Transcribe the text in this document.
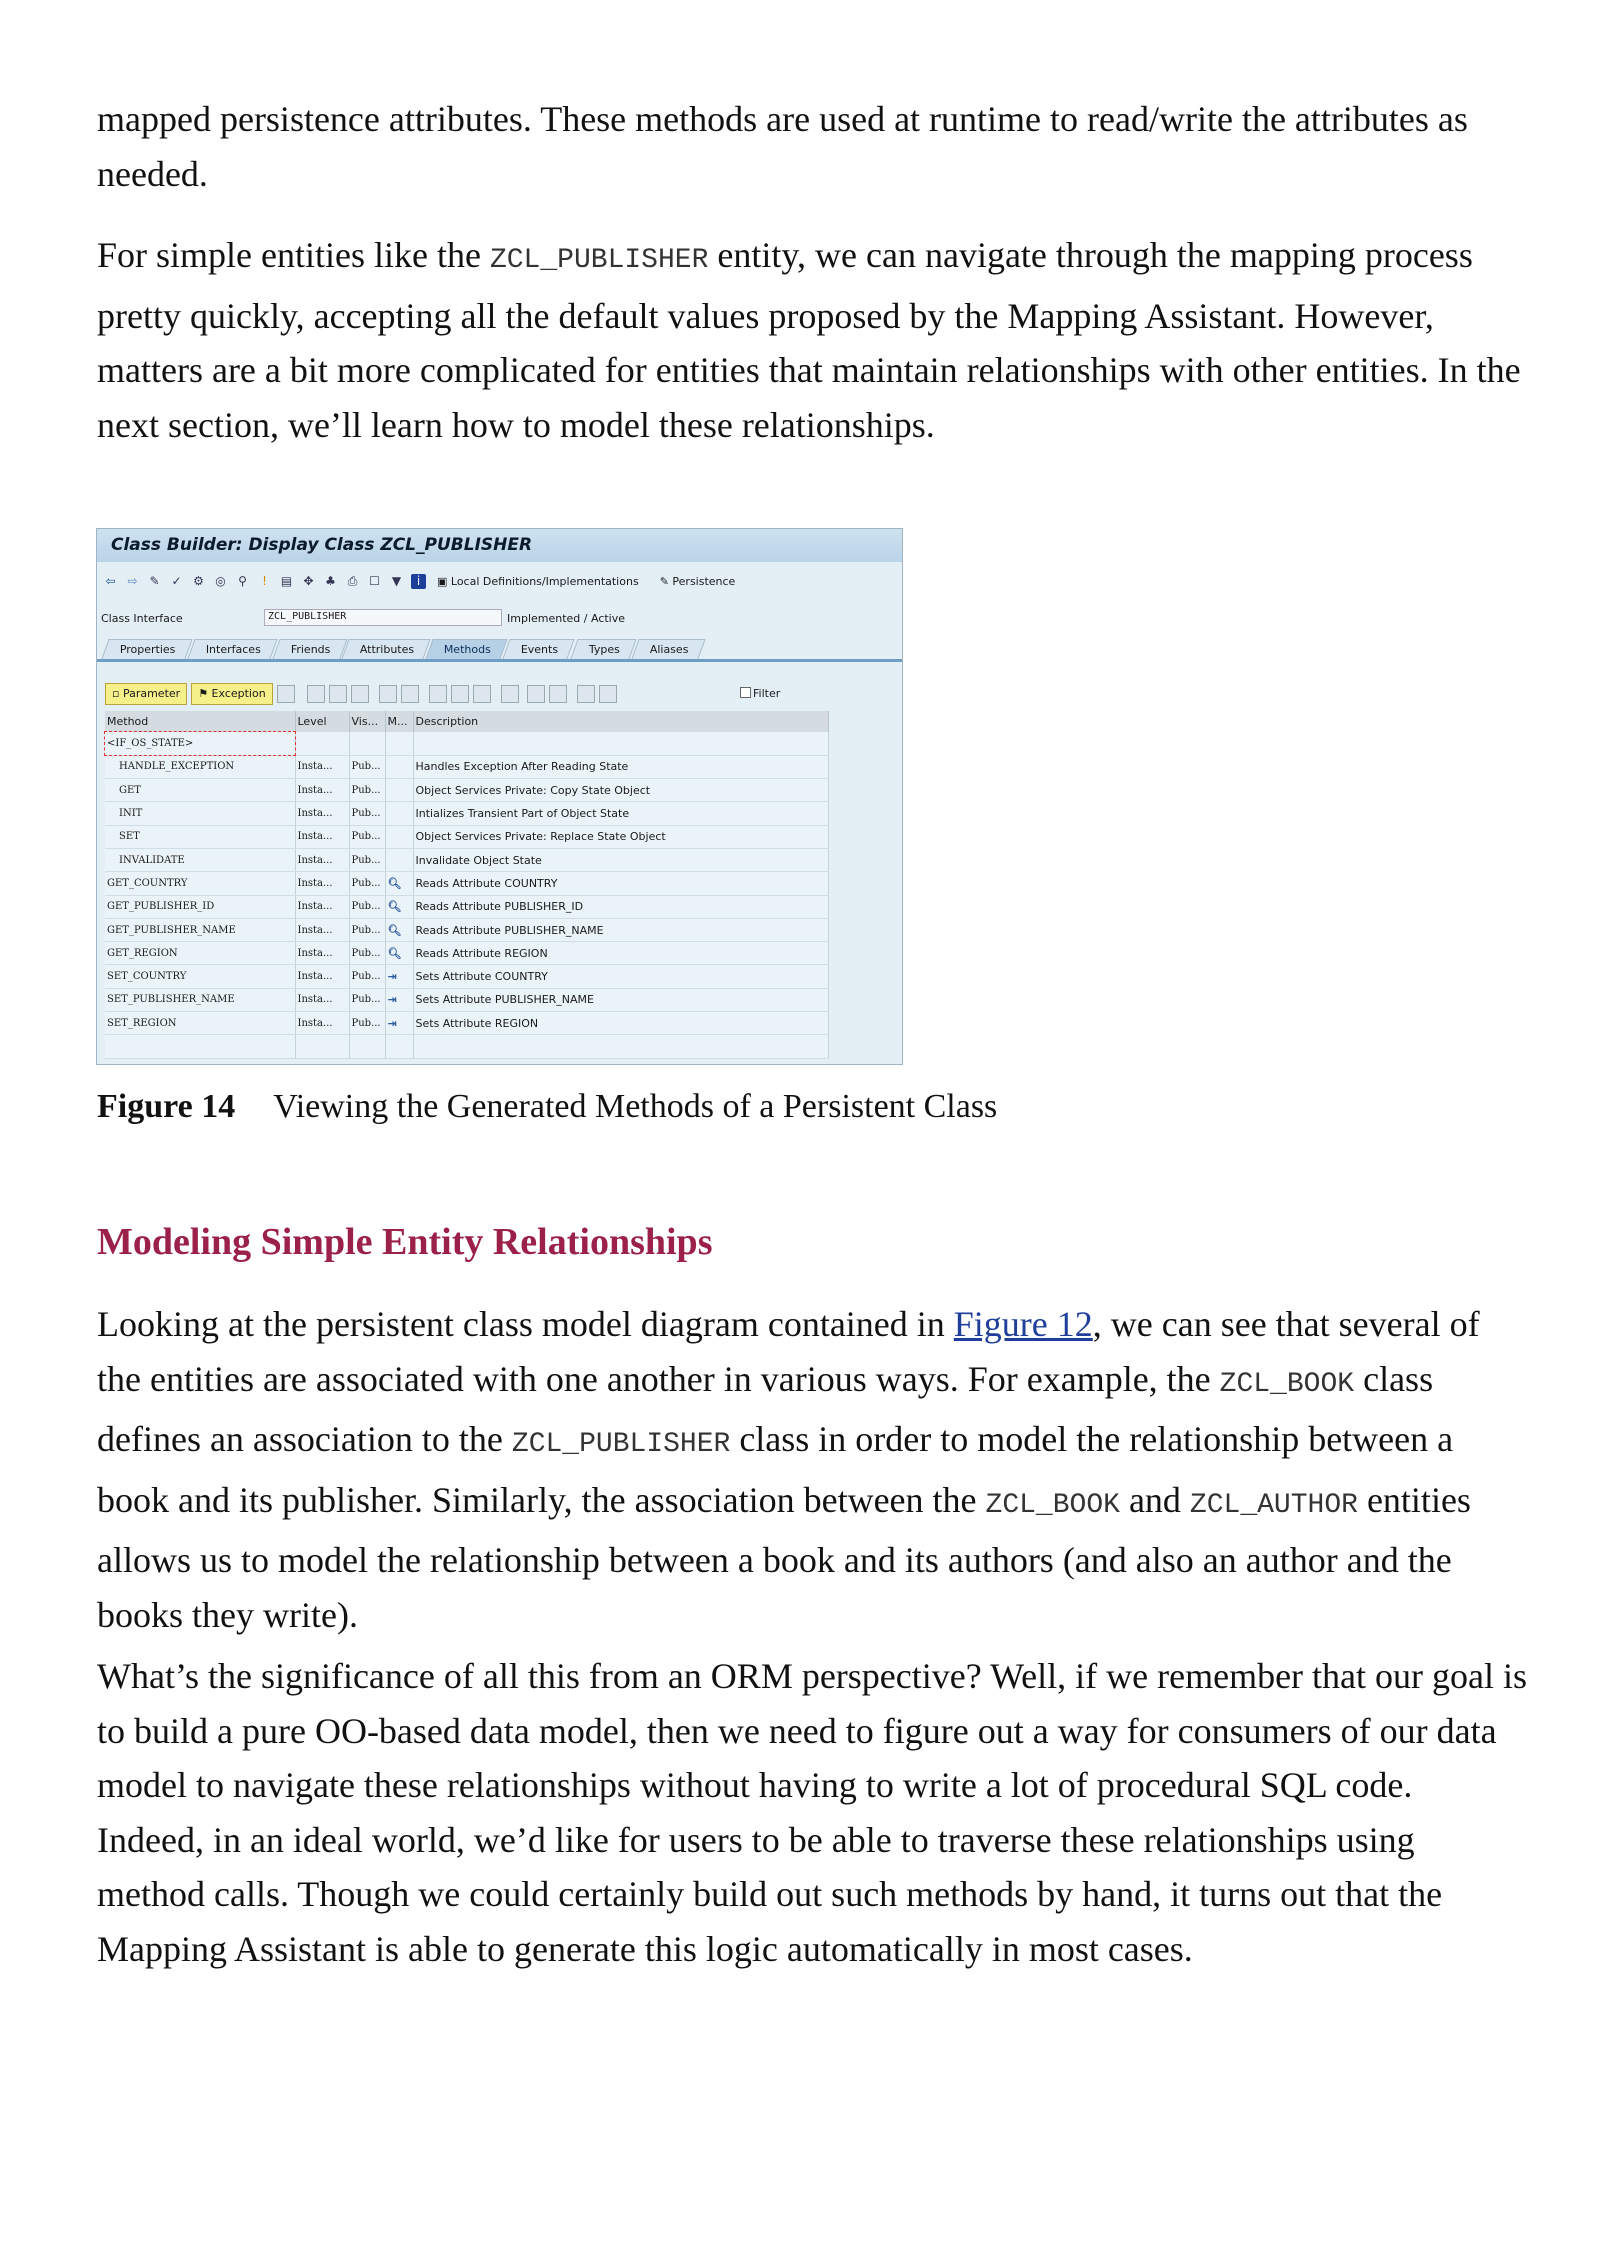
mapped persistence attributes. These methods are used at runtime to read/write the attributes as needed.
For simple entities like the ZCL_PUBLISHER entity, we can navigate through the mapping process pretty quickly, accepting all the default values proposed by the Mapping Assistant. However, matters are a bit more complicated for entities that maintain relationships with other entities. In the next section, we’ll learn how to model these relationships.
Class Builder: Display Class ZCL_PUBLISHER
⇦ ⇨ ✎ ✓ ⚙ ◎ ⚲	!	▤ ✥ ♣ ⎙ ☐ ▼	i	▣ Local Definitions/Implementations ✎ Persistence
Class Interface	ZCL_PUBLISHER	Implemented / Active
Properties	Interfaces	Friends	Attributes	Methods	Events	Types	Aliases
▫ Parameter	⚑ Exception	Filter
Method	Level	Vis...	M...	Description
<IF_OS_STATE>				
HANDLE_EXCEPTION	Insta...	Pub...		Handles Exception After Reading State
GET	Insta...	Pub...		Object Services Private: Copy State Object
INIT	Insta...	Pub...		Intializes Transient Part of Object State
SET	Insta...	Pub...		Object Services Private: Replace State Object
INVALIDATE	Insta...	Pub...		Invalidate Object State
GET_COUNTRY	Insta...	Pub...	🔍︎	Reads Attribute COUNTRY
GET_PUBLISHER_ID	Insta...	Pub...	🔍︎	Reads Attribute PUBLISHER_ID
GET_PUBLISHER_NAME	Insta...	Pub...	🔍︎	Reads Attribute PUBLISHER_NAME
GET_REGION	Insta...	Pub...	🔍︎	Reads Attribute REGION
SET_COUNTRY	Insta...	Pub...	⇥	Sets Attribute COUNTRY
SET_PUBLISHER_NAME	Insta...	Pub...	⇥	Sets Attribute PUBLISHER_NAME
SET_REGION	Insta...	Pub...	⇥	Sets Attribute REGION

Figure 14 Viewing the Generated Methods of a Persistent Class
Modeling Simple Entity Relationships
Looking at the persistent class model diagram contained in Figure 12, we can see that several of the entities are associated with one another in various ways. For example, the ZCL_BOOK class defines an association to the ZCL_PUBLISHER class in order to model the relationship between a book and its publisher. Similarly, the association between the ZCL_BOOK and ZCL_AUTHOR entities allows us to model the relationship between a book and its authors (and also an author and the books they write).
What’s the significance of all this from an ORM perspective? Well, if we remember that our goal is to build a pure OO-based data model, then we need to figure out a way for consumers of our data model to navigate these relationships without having to write a lot of procedural SQL code. Indeed, in an ideal world, we’d like for users to be able to traverse these relationships using method calls. Though we could certainly build out such methods by hand, it turns out that the Mapping Assistant is able to generate this logic automatically in most cases.
